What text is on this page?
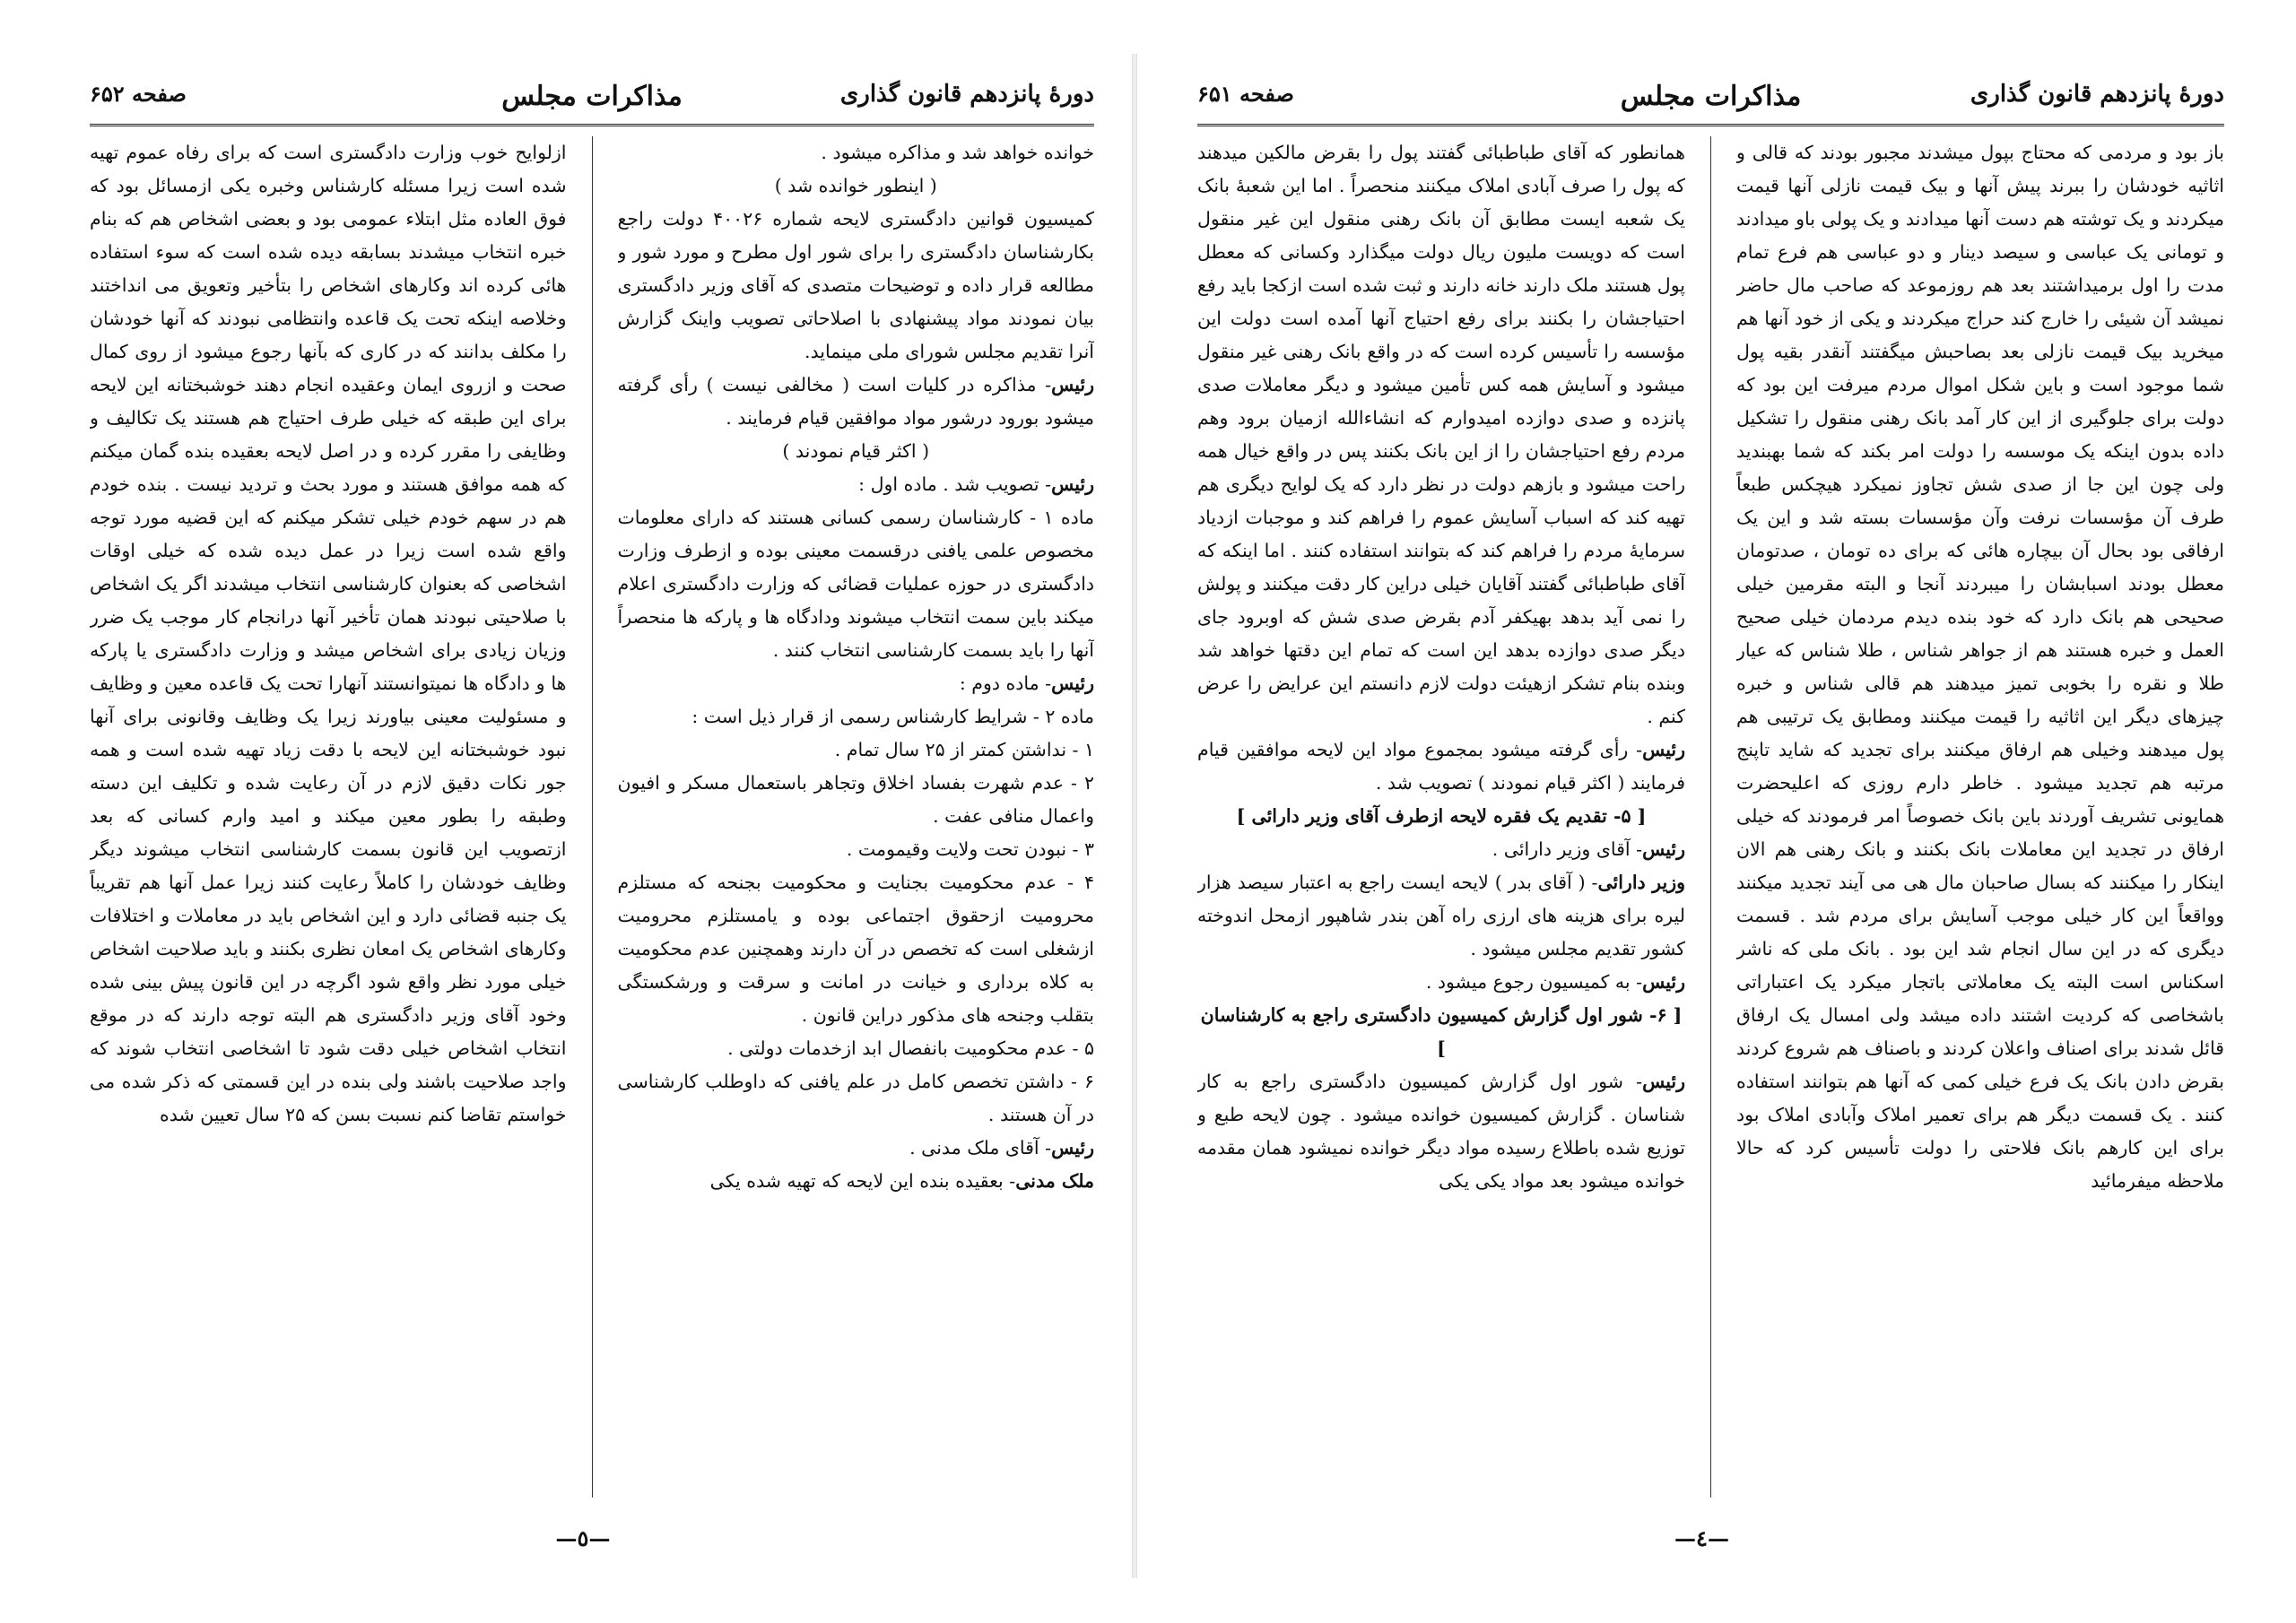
دورهٔ پانزدهم قانون گذاری
مذاکرات مجلس
صفحه ۶۵۲

خوانده خواهد شد و مذاکره میشود .

( اینطور خوانده شد )

کمیسیون قوانین دادگستری لایحه شماره ۴۰۰۲۶ دولت راجع بکارشناسان دادگستری را برای شور اول مطرح و مورد شور و مطالعه قرار داده و توضیحات متصدی که آقای وزیر دادگستری بیان نمودند مواد پیشنهادی با اصلاحاتی تصویب واینک گزارش آنرا تقدیم مجلس شورای ملی مینماید.

رئیس- مذاکره در کلیات است ( مخالفی نیست ) رأی گرفته میشود بورود درشور مواد موافقین قیام فرمایند .

( اکثر قیام نمودند )

رئیس- تصویب شد . ماده اول :

ماده ۱ - کارشناسان رسمی کسانی هستند که دارای معلومات مخصوص علمی یافنی درقسمت معینی بوده و ازطرف وزارت دادگستری در حوزه عملیات قضائی که وزارت دادگستری اعلام میکند باین سمت انتخاب میشوند ودادگاه ها و پارکه ها منحصراً آنها را باید بسمت کارشناسی انتخاب کنند .

رئیس- ماده دوم :

ماده ۲ - شرایط کارشناس رسمی از قرار ذیل است :

۱ - نداشتن کمتر از ۲۵ سال تمام .

۲ - عدم شهرت بفساد اخلاق وتجاهر باستعمال مسکر و افیون واعمال منافی عفت .

۳ - نبودن تحت ولایت وقیمومت .

۴ - عدم محکومیت بجنایت و محکومیت بجنحه که مستلزم محرومیت ازحقوق اجتماعی بوده و یامستلزم محرومیت ازشغلی است که تخصص در آن دارند وهمچنین عدم محکومیت به کلاه برداری و خیانت در امانت و سرقت و ورشکستگی بتقلب وجنحه های مذکور دراین قانون .

۵ - عدم محکومیت بانفصال ابد ازخدمات دولتی .

۶ - داشتن تخصص کامل در علم یافنی که داوطلب کارشناسی در آن هستند .

رئیس- آقای ملک مدنی .

ملک مدنی- بعقیده بنده این لایحه که تهیه شده یکی

ازلوایح خوب وزارت دادگستری است که برای رفاه عموم تهیه شده است زیرا مسئله کارشناس وخبره یکی ازمسائل بود که فوق العاده مثل ابتلاء عمومی بود و بعضی اشخاص هم که بنام خبره انتخاب میشدند بسابقه دیده شده است که سوء استفاده هائی کرده اند وکارهای اشخاص را بتأخیر وتعویق می انداختند وخلاصه اینکه تحت یک قاعده وانتظامی نبودند که آنها خودشان را مکلف بدانند که در کاری که بآنها رجوع میشود از روی کمال صحت و ازروی ایمان وعقیده انجام دهند خوشبختانه این لایحه برای این طبقه که خیلی طرف احتیاج هم هستند یک تکالیف و وظایفی را مقرر کرده و در اصل لایحه بعقیده بنده گمان میکنم که همه موافق هستند و مورد بحث و تردید نیست . بنده خودم هم در سهم خودم خیلی تشکر میکنم که این قضیه مورد توجه واقع شده است زیرا در عمل دیده شده که خیلی اوقات اشخاصی که بعنوان کارشناسی انتخاب میشدند اگر یک اشخاص با صلاحیتی نبودند همان تأخیر آنها درانجام کار موجب یک ضرر وزیان زیادی برای اشخاص میشد و وزارت دادگستری یا پارکه ها و دادگاه ها نمیتوانستند آنهارا تحت یک قاعده معین و وظایف و مسئولیت معینی بیاورند زیرا یک وظایف وقانونی برای آنها نبود خوشبختانه این لایحه با دقت زیاد تهیه شده است و همه جور نکات دقیق لازم در آن رعایت شده و تکلیف این دسته وطبقه را بطور معین میکند و امید وارم کسانی که بعد ازتصویب این قانون بسمت کارشناسی انتخاب میشوند دیگر وظایف خودشان را کاملاً رعایت کنند زیرا عمل آنها هم تقریباً یک جنبه قضائی دارد و این اشخاص باید در معاملات و اختلافات وکارهای اشخاص یک امعان نظری بکنند و باید صلاحیت اشخاص خیلی مورد نظر واقع شود اگرچه در این قانون پیش بینی شده وخود آقای وزیر دادگستری هم البته توجه دارند که در موقع انتخاب اشخاص خیلی دقت شود تا اشخاصی انتخاب شوند که واجد صلاحیت باشند ولی بنده در این قسمتی که ذکر شده می خواستم تقاضا کنم نسبت بسن که ۲۵ سال تعیین شده

—٥—
دورهٔ پانزدهم قانون گذاری
مذاکرات مجلس
صفحه ۶۵۱

باز بود و مردمی که محتاج بپول میشدند مجبور بودند که قالی و اثاثیه خودشان را ببرند پیش آنها و بیک قیمت نازلی آنها قیمت میکردند و یک توشته هم دست آنها میدادند و یک پولی باو میدادند و تومانی یک عباسی و سیصد دینار و دو عباسی هم فرع تمام مدت را اول برمیداشتند بعد هم روزموعد که صاحب مال حاضر نمیشد آن شیئی را خارج کند حراج میکردند و یکی از خود آنها هم میخرید بیک قیمت نازلی بعد بصاحبش میگفتند آنقدر بقیه پول شما موجود است و باین شکل اموال مردم میرفت این بود که دولت برای جلوگیری از این کار آمد بانک رهنی منقول را تشکیل داده بدون اینکه یک موسسه را دولت امر بکند که شما بهبندید ولی چون این جا از صدی شش تجاوز نمیکرد هیچکس طبعاً طرف آن مؤسسات نرفت وآن مؤسسات بسته شد و این یک ارفاقی بود بحال آن بیچاره هائی که برای ده تومان ، صدتومان معطل بودند اسبابشان را میبردند آنجا و البته مقرمین خیلی صحیحی هم بانک دارد که خود بنده دیدم مردمان خیلی صحیح العمل و خبره هستند هم از جواهر شناس ، طلا شناس که عیار طلا و نقره را بخوبی تمیز میدهند هم قالی شناس و خبره چیزهای دیگر این اثاثیه را قیمت میکنند ومطابق یک ترتیبی هم پول میدهند وخیلی هم ارفاق میکنند برای تجدید که شاید تاپنج مرتبه هم تجدید میشود . خاطر دارم روزی که اعلیحضرت همایونی تشریف آوردند باین بانک خصوصاً امر فرمودند که خیلی ارفاق در تجدید این معاملات بانک بکنند و بانک رهنی هم الان اینکار را میکنند که بسال صاحبان مال هی می آیند تجدید میکنند وواقعاً این کار خیلی موجب آسایش برای مردم شد . قسمت دیگری که در این سال انجام شد این بود . بانک ملی که ناشر اسکناس است البته یک معاملاتی باتجار میکرد یک اعتباراتی باشخاصی که کردیت اشتند داده میشد ولی امسال یک ارفاق قائل شدند برای اصناف واعلان کردند و باصناف هم شروع کردند بقرض دادن بانک یک فرع خیلی کمی که آنها هم بتوانند استفاده کنند . یک قسمت دیگر هم برای تعمیر املاک وآبادی املاک بود برای این کارهم بانک فلاحتی را دولت تأسیس کرد که حالا ملاحظه میفرمائید

همانطور که آقای طباطبائی گفتند پول را بقرض مالکین میدهند که پول را صرف آبادی املاک میکنند منحصراً . اما این شعبهٔ بانک یک شعبه ایست مطابق آن بانک رهنی منقول این غیر منقول است که دویست ملیون ریال دولت میگذارد وکسانی که معطل پول هستند ملک دارند خانه دارند و ثبت شده است ازکجا باید رفع احتیاجشان را بکنند برای رفع احتیاج آنها آمده است دولت این مؤسسه را تأسیس کرده است که در واقع بانک رهنی غیر منقول میشود و آسایش همه کس تأمین میشود و دیگر معاملات صدی پانزده و صدی دوازده امیدوارم که انشاءالله ازمیان برود وهم مردم رفع احتیاجشان را از این بانک بکنند پس در واقع خیال همه راحت میشود و بازهم دولت در نظر دارد که یک لوایح دیگری هم تهیه کند که اسباب آسایش عموم را فراهم کند و موجبات ازدیاد سرمایهٔ مردم را فراهم کند که بتوانند استفاده کنند . اما اینکه که آقای طباطبائی گفتند آقایان خیلی دراین کار دقت میکنند و پولش را نمی آید بدهد بهیکفر آدم بقرض صدی شش که اوبرود جای دیگر صدی دوازده بدهد این است که تمام این دقتها خواهد شد وبنده بنام تشکر ازهیئت دولت لازم دانستم این عرایض را عرض کنم .

رئیس- رأی گرفته میشود بمجموع مواد این لایحه موافقین قیام فرمایند ( اکثر قیام نمودند ) تصویب شد .

[ ۵- تقدیم یک فقره لایحه ازطرف آقای وزیر دارائی ]

رئیس- آقای وزیر دارائی .

وزیر دارائی- ( آقای بدر ) لایحه ایست راجع به اعتبار سیصد هزار لیره برای هزینه های ارزی راه آهن بندر شاهپور ازمحل اندوخته کشور تقدیم مجلس میشود .

رئیس- به کمیسیون رجوع میشود .

[ ۶- شور اول گزارش کمیسیون دادگستری راجع به کارشناسان ]

رئیس- شور اول گزارش کمیسیون دادگستری راجع به کار شناسان . گزارش کمیسیون خوانده میشود . چون لایحه طبع و توزیع شده باطلاع رسیده مواد دیگر خوانده نمیشود همان مقدمه خوانده میشود بعد مواد یکی یکی

—٤—
